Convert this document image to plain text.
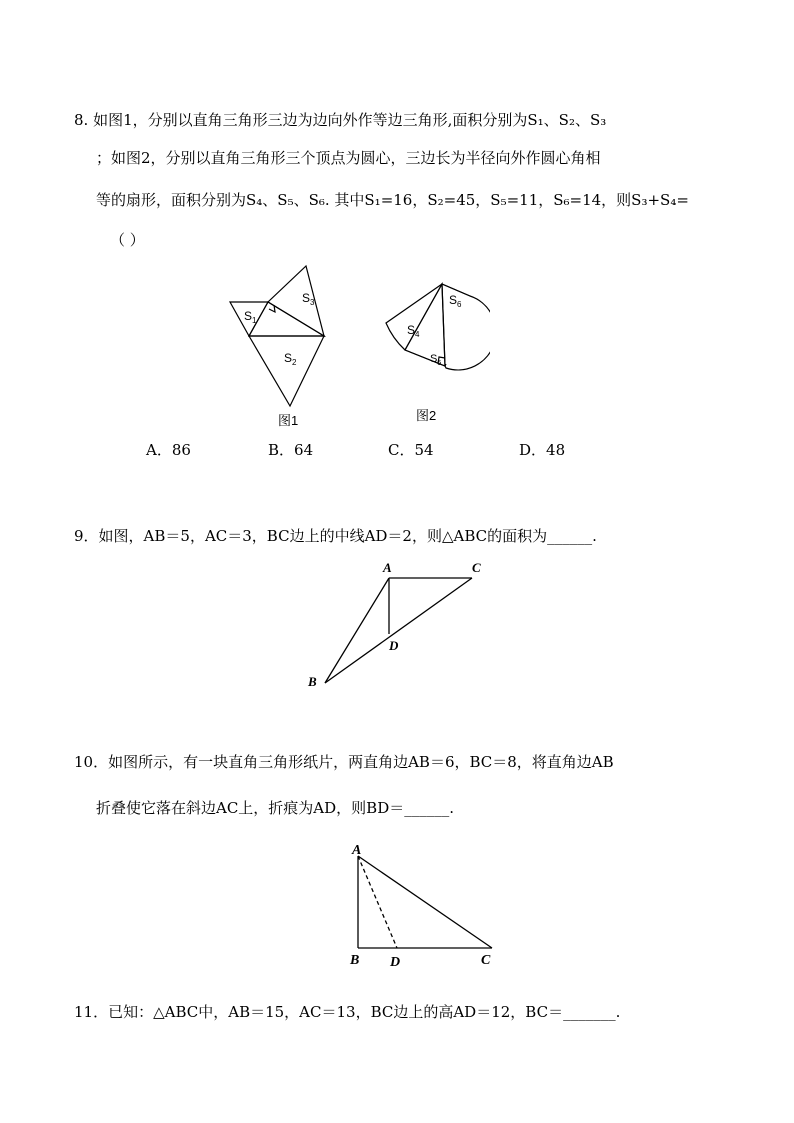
8. 如图1，分别以直角三角形三边为边向外作等边三角形,面积分别为S₁、S₂、S₃
；如图2，分别以直角三角形三个顶点为圆心，三边长为半径向外作圆心角相
等的扇形，面积分别为S₄、S₅、S₆. 其中S₁=16，S₂=45，S₅=11，S₆=14，则S₃+S₄=
（ ）
$S_1$
$S_3$
$S_2$
图1
$S_4$
$S_6$
$S_5$
图2
A．86	B．64	C．54	D．48
9．如图，AB＝5，AC＝3，BC边上的中线AD＝2，则△ABC的面积为______.
A	C
D
B
10．如图所示，有一块直角三角形纸片，两直角边AB＝6，BC＝8，将直角边AB
折叠使它落在斜边AC上，折痕为AD，则BD＝______.
A
B D	C
11．已知：△ABC中，AB＝15，AC＝13，BC边上的高AD＝12，BC＝_______.
